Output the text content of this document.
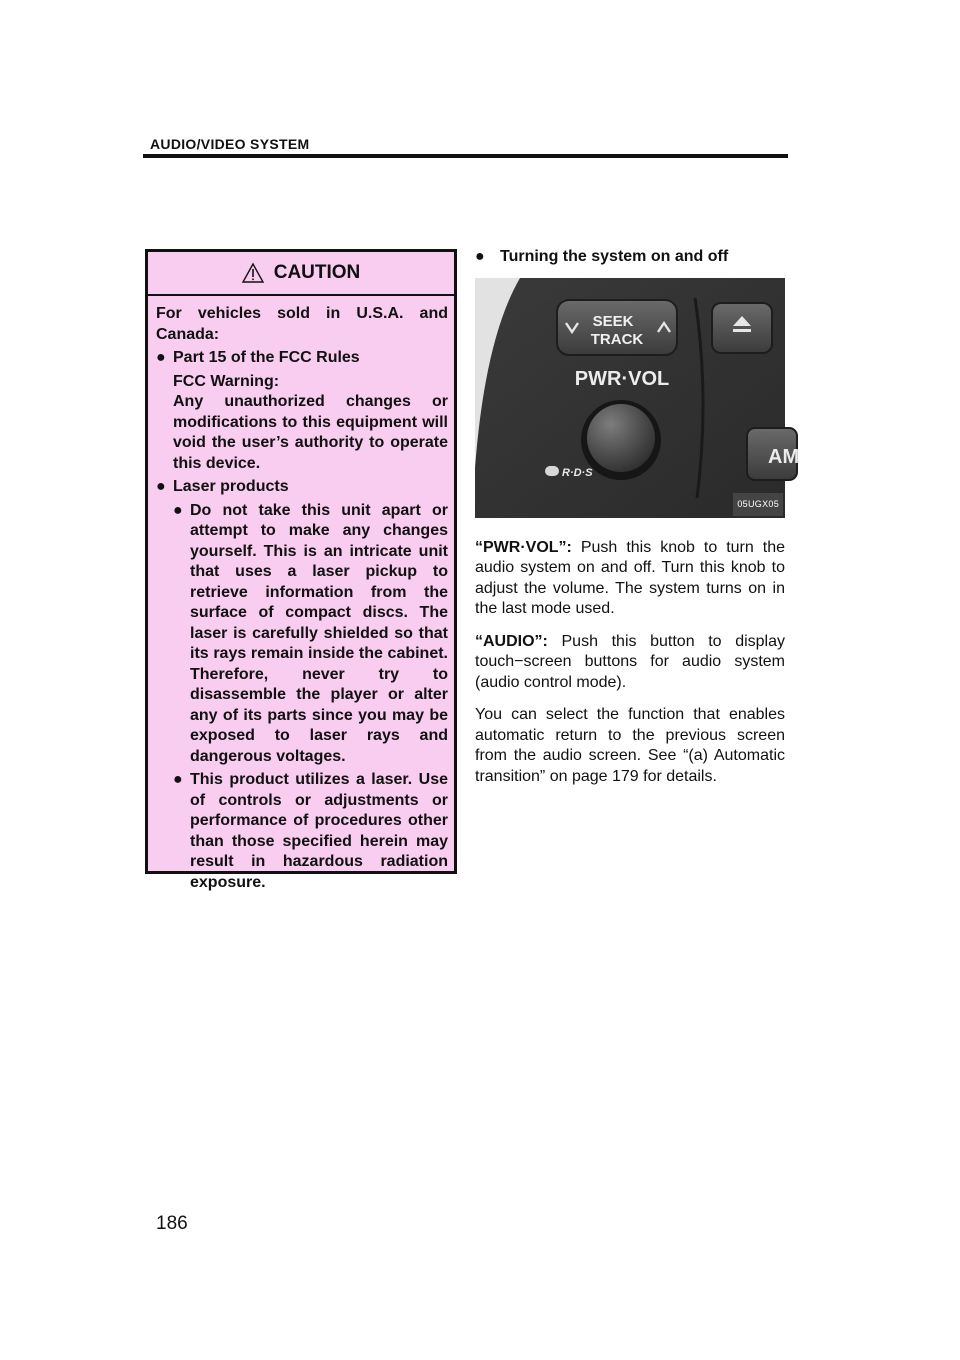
AUDIO/VIDEO SYSTEM
CAUTION

For vehicles sold in U.S.A. and Canada:

● Part 15 of the FCC Rules
FCC Warning:
Any unauthorized changes or modifications to this equipment will void the user’s authority to operate this device.
● Laser products
● Do not take this unit apart or attempt to make any changes yourself. This is an intricate unit that uses a laser pickup to retrieve information from the surface of compact discs. The laser is carefully shielded so that its rays remain inside the cabinet. Therefore, never try to disassemble the player or alter any of its parts since you may be exposed to laser rays and dangerous voltages.
● This product utilizes a laser. Use of controls or adjustments or performance of procedures other than those specified herein may result in hazardous radiation exposure.
● Turning the system on and off
SEEK
TRACK
PWR·VOL
AM
R·D·S
05UGX05

“PWR·VOL”: Push this knob to turn the audio system on and off. Turn this knob to adjust the volume. The system turns on in the last mode used.

“AUDIO”: Push this button to display touch−screen buttons for audio system (audio control mode).

You can select the function that enables automatic return to the previous screen from the audio screen. See “(a) Automatic transition” on page 179 for details.

186
